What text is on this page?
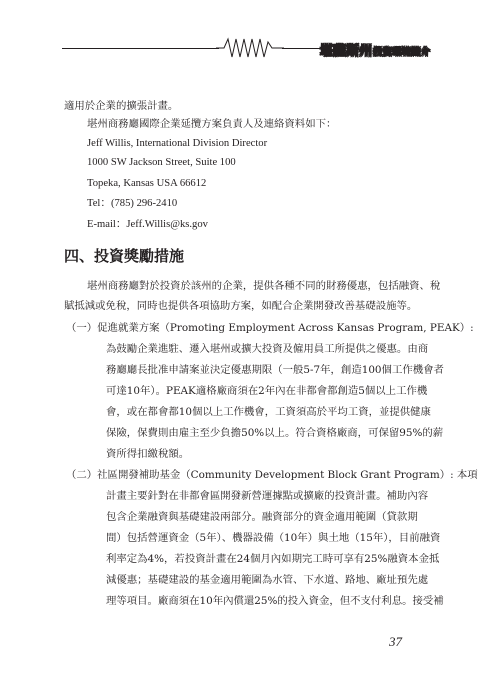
堪薩斯州投資環境簡介
適用於企業的擴張計畫。
堪州商務廳國際企業延攬方案負責人及連絡資料如下：
Jeff Willis, International Division Director
1000 SW Jackson Street, Suite 100
Topeka, Kansas USA 66612
Tel：(785) 296-2410
E-mail：Jeff.Willis@ks.gov
四、投資獎勵措施
堪州商務廳對於投資於該州的企業，提供各種不同的財務優惠，包括融資、稅
賦抵減或免稅，同時也提供各項協助方案，如配合企業開發改善基礎設施等。
（一）促進就業方案（Promoting Employment Across Kansas Program, PEAK）:
為鼓勵企業進駐、遷入堪州或擴大投資及僱用員工所提供之優惠。由商
務廳廳長批准申請案並決定優惠期限（一般5-7年，創造100個工作機會者
可達10年）。PEAK適格廠商須在2年內在非都會都創造5個以上工作機
會，或在都會都10個以上工作機會，工資須高於平均工資，並提供健康
保險，保費則由雇主至少負擔50%以上。符合資格廠商，可保留95%的薪
資所得扣繳稅額。
（二）社區開發補助基金（Community Development Block Grant Program）: 本項
計畫主要針對在非都會區開發新營運據點或擴廠的投資計畫。補助內容
包含企業融資與基礎建設兩部分。融資部分的資金適用範圍（貸款期
間）包括營運資金（5年）、機器設備（10年）與土地（15年），目前融資
利率定為4%，若投資計畫在24個月內如期完工時可享有25%融資本金抵
減優惠；基礎建設的基金適用範圍為水管、下水道、路地、廠址預先處
理等項目。廠商須在10年內償還25%的投入資金，但不支付利息。接受補
37
